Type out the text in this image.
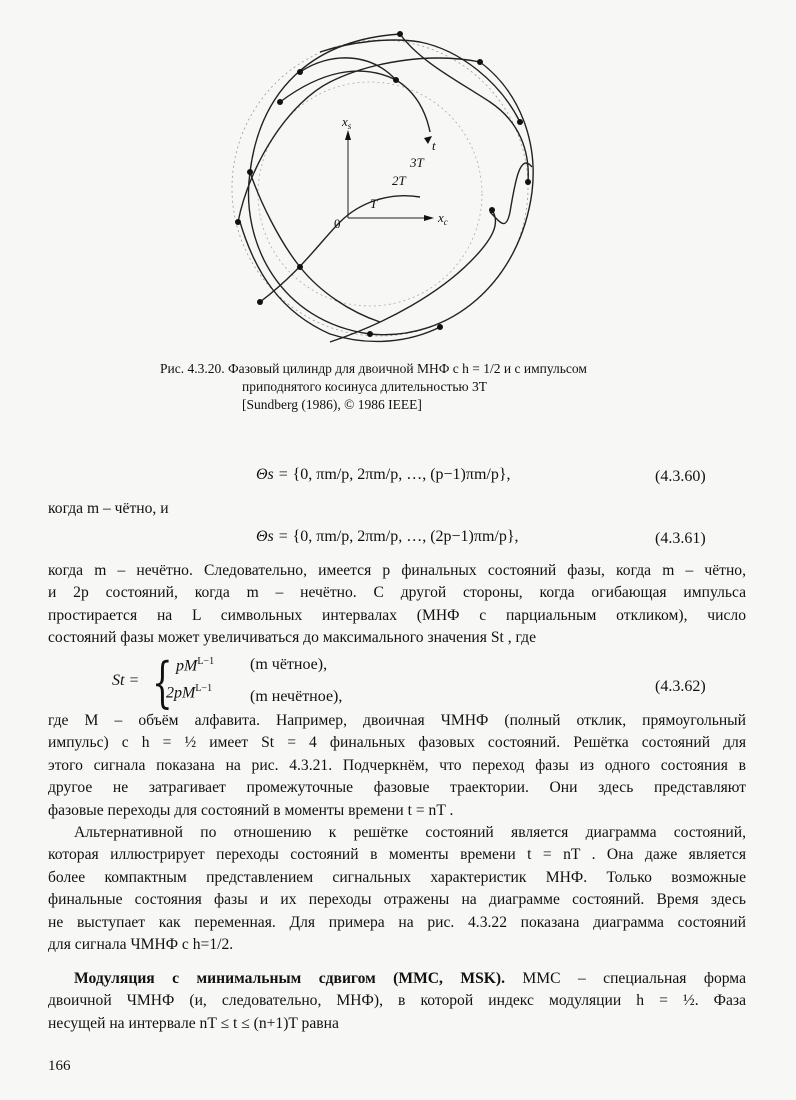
$x_s$
$x_c$
3T
2T
T
t
0
Рис. 4.3.20. Фазовый цилиндр для двоичной МНФ с h = 1/2 и с импульсом
приподнятого косинуса длительностью 3T
[Sundberg (1986), © 1986 IEEE]
Θs = {0, πm/p, 2πm/p, …, (p−1)πm/p},	(4.3.60)
когда m – чётно, и
Θs = {0, πm/p, 2πm/p, …, (2p−1)πm/p},	(4.3.61)
когда m – нечётно. Следовательно, имеется p финальных состояний фазы, когда m – чётно,
и 2p состояний, когда m – нечётно. С другой стороны, когда огибающая импульса
простирается на L символьных интервалах (МНФ с парциальным откликом), число
состояний фазы может увеличиваться до максимального значения St , где
St = { $pM^{L-1}$ (m чётное),
$2pM^{L-1}$ (m нечётное),
(4.3.62)
где M – объём алфавита. Например, двоичная ЧМНФ (полный отклик, прямоугольный
импульс) с h = ½ имеет St = 4 финальных фазовых состояний. Решётка состояний для
этого сигнала показана на рис. 4.3.21. Подчеркнём, что переход фазы из одного состояния в
другое не затрагивает промежуточные фазовые траектории. Они здесь представляют
фазовые переходы для состояний в моменты времени t = nT .
Альтернативной по отношению к решётке состояний является диаграмма состояний,
которая иллюстрирует переходы состояний в моменты времени t = nT . Она даже является
более компактным представлением сигнальных характеристик МНФ. Только возможные
финальные состояния фазы и их переходы отражены на диаграмме состояний. Время здесь
не выступает как переменная. Для примера на рис. 4.3.22 показана диаграмма состояний
для сигнала ЧМНФ с h=1/2.
Модуляция с минимальным сдвигом (ММС, MSK). ММС – специальная форма
двоичной ЧМНФ (и, следовательно, МНФ), в которой индекс модуляции h = ½. Фаза
несущей на интервале nT ≤ t ≤ (n+1)T равна
166
